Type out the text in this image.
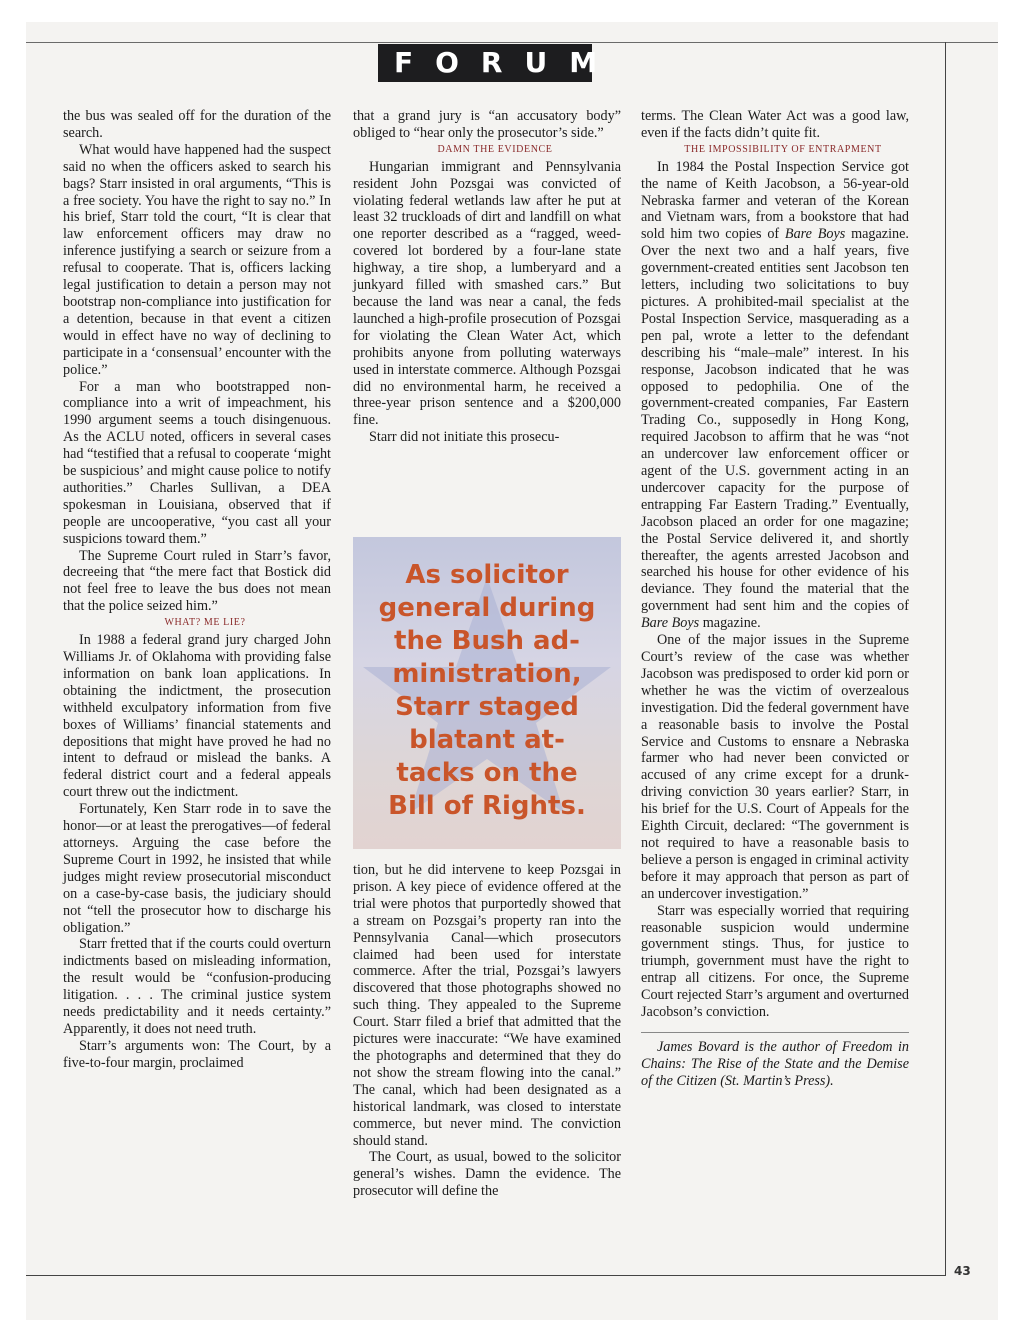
FORUM

the bus was sealed off for the duration of the search.

What would have happened had the suspect said no when the officers asked to search his bags? Starr insisted in oral arguments, “This is a free society. You have the right to say no.” In his brief, Starr told the court, “It is clear that law enforcement officers may draw no inference justifying a search or seizure from a refusal to cooperate. That is, officers lacking legal justification to detain a person may not bootstrap non-compliance into justification for a detention, because in that event a citizen would in effect have no way of declining to participate in a ‘consensual’ encounter with the police.”

For a man who bootstrapped non-compliance into a writ of impeachment, his 1990 argument seems a touch disingenuous. As the ACLU noted, officers in several cases had “testified that a refusal to cooperate ‘might be suspicious’ and might cause police to notify authorities.” Charles Sullivan, a DEA spokesman in Louisiana, observed that if people are uncooperative, “you cast all your suspicions toward them.”

The Supreme Court ruled in Starr’s favor, decreeing that “the mere fact that Bostick did not feel free to leave the bus does not mean that the police seized him.”

WHAT? ME LIE?

In 1988 a federal grand jury charged John Williams Jr. of Oklahoma with providing false information on bank loan applications. In obtaining the indictment, the prosecution withheld exculpatory information from five boxes of Williams’ financial statements and depositions that might have proved he had no intent to defraud or mislead the banks. A federal district court and a federal appeals court threw out the indictment.

Fortunately, Ken Starr rode in to save the honor—or at least the prerogatives—of federal attorneys. Arguing the case before the Supreme Court in 1992, he insisted that while judges might review prosecutorial misconduct on a case-by-case basis, the judiciary should not “tell the prosecutor how to discharge his obligation.”

Starr fretted that if the courts could overturn indictments based on misleading information, the result would be “confusion-producing litigation. . . . The criminal justice system needs predictability and it needs certainty.” Apparently, it does not need truth.

Starr’s arguments won: The Court, by a five-to-four margin, proclaimed

that a grand jury is “an accusatory body” obliged to “hear only the prosecutor’s side.”

DAMN THE EVIDENCE

Hungarian immigrant and Pennsylvania resident John Pozsgai was convicted of violating federal wetlands law after he put at least 32 truckloads of dirt and landfill on what one reporter described as a “ragged, weed-covered lot bordered by a four-lane state highway, a tire shop, a lumberyard and a junkyard filled with smashed cars.” But because the land was near a canal, the feds launched a high-profile prosecution of Pozsgai for violating the Clean Water Act, which prohibits anyone from polluting waterways used in interstate commerce. Although Pozsgai did no environmental harm, he received a three-year prison sentence and a $200,000 fine.

Starr did not initiate this prosecu-

As solicitor
general during
the Bush ad-
ministration,
Starr staged
blatant at-
tacks on the
Bill of Rights.

tion, but he did intervene to keep Pozsgai in prison. A key piece of evidence offered at the trial were photos that purportedly showed that a stream on Pozsgai’s property ran into the Pennsylvania Canal—which prosecutors claimed had been used for interstate commerce. After the trial, Pozsgai’s lawyers discovered that those photographs showed no such thing. They appealed to the Supreme Court. Starr filed a brief that admitted that the pictures were inaccurate: “We have examined the photographs and determined that they do not show the stream flowing into the canal.” The canal, which had been designated as a historical landmark, was closed to interstate commerce, but never mind. The conviction should stand.

The Court, as usual, bowed to the solicitor general’s wishes. Damn the evidence. The prosecutor will define the

terms. The Clean Water Act was a good law, even if the facts didn’t quite fit.

THE IMPOSSIBILITY OF ENTRAPMENT

In 1984 the Postal Inspection Service got the name of Keith Jacobson, a 56-year-old Nebraska farmer and veteran of the Korean and Vietnam wars, from a bookstore that had sold him two copies of Bare Boys magazine. Over the next two and a half years, five government-created entities sent Jacobson ten letters, including two solicitations to buy pictures. A prohibited-mail specialist at the Postal Inspection Service, masquerading as a pen pal, wrote a letter to the defendant describing his “male–male” interest. In his response, Jacobson indicated that he was opposed to pedophilia. One of the government-created companies, Far Eastern Trading Co., supposedly in Hong Kong, required Jacobson to affirm that he was “not an undercover law enforcement officer or agent of the U.S. government acting in an undercover capacity for the purpose of entrapping Far Eastern Trading.” Eventually, Jacobson placed an order for one magazine; the Postal Service delivered it, and shortly thereafter, the agents arrested Jacobson and searched his house for other evidence of his deviance. They found the material that the government had sent him and the copies of Bare Boys magazine.

One of the major issues in the Supreme Court’s review of the case was whether Jacobson was predisposed to order kid porn or whether he was the victim of overzealous investigation. Did the federal government have a reasonable basis to involve the Postal Service and Customs to ensnare a Nebraska farmer who had never been convicted or accused of any crime except for a drunk-driving conviction 30 years earlier? Starr, in his brief for the U.S. Court of Appeals for the Eighth Circuit, declared: “The government is not required to have a reasonable basis to believe a person is engaged in criminal activity before it may approach that person as part of an undercover investigation.”

Starr was especially worried that requiring reasonable suspicion would undermine government stings. Thus, for justice to triumph, government must have the right to entrap all citizens. For once, the Supreme Court rejected Starr’s argument and overturned Jacobson’s conviction.

James Bovard is the author of Freedom in Chains: The Rise of the State and the Demise of the Citizen (St. Martin’s Press).

43
